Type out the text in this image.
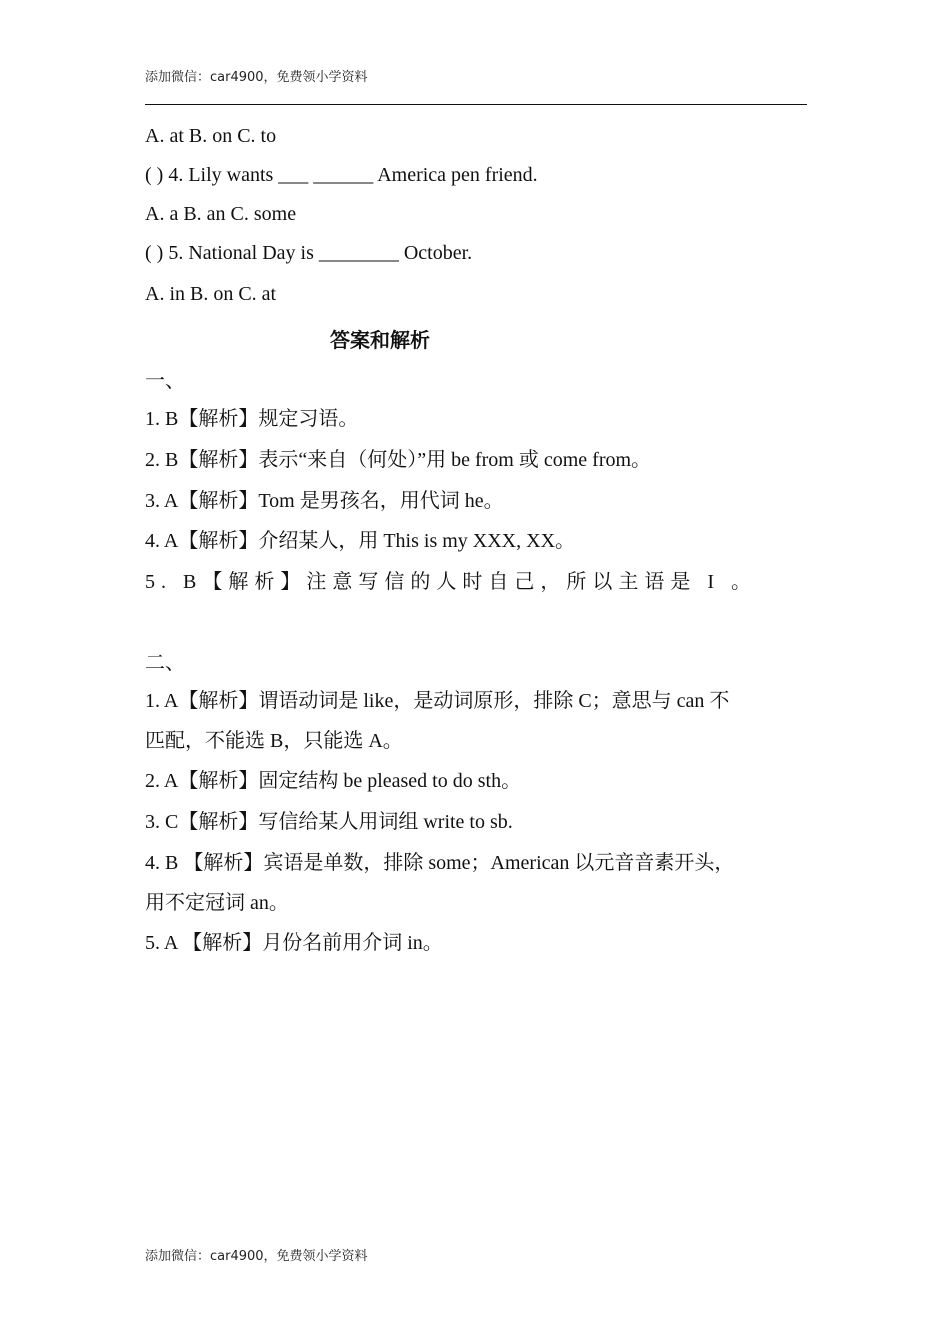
添加微信：car4900，免费领小学资料
A. at B. on C. to
( ) 4. Lily wants ___ ______ America pen friend.
A. a B. an C. some
( ) 5. National Day is ________ October.
A. in B. on C. at
答案和解析
一、
1. B【解析】规定习语。
2. B【解析】表示“来自（何处）”用 be from 或 come from。
3. A【解析】Tom 是男孩名，用代词 he。
4. A【解析】介绍某人，用 This is my XXX, XX。
5. B【解析】注意写信的人时自己，所以主语是 I 。
二、
1. A【解析】谓语动词是 like，是动词原形，排除 C；意思与 can 不
匹配，不能选 B，只能选 A。
2. A【解析】固定结构 be pleased to do sth。
3. C【解析】写信给某人用词组 write to sb.
4. B 【解析】宾语是单数，排除 some；American 以元音音素开头，
用不定冠词 an。
5. A 【解析】月份名前用介词 in。
添加微信：car4900，免费领小学资料
